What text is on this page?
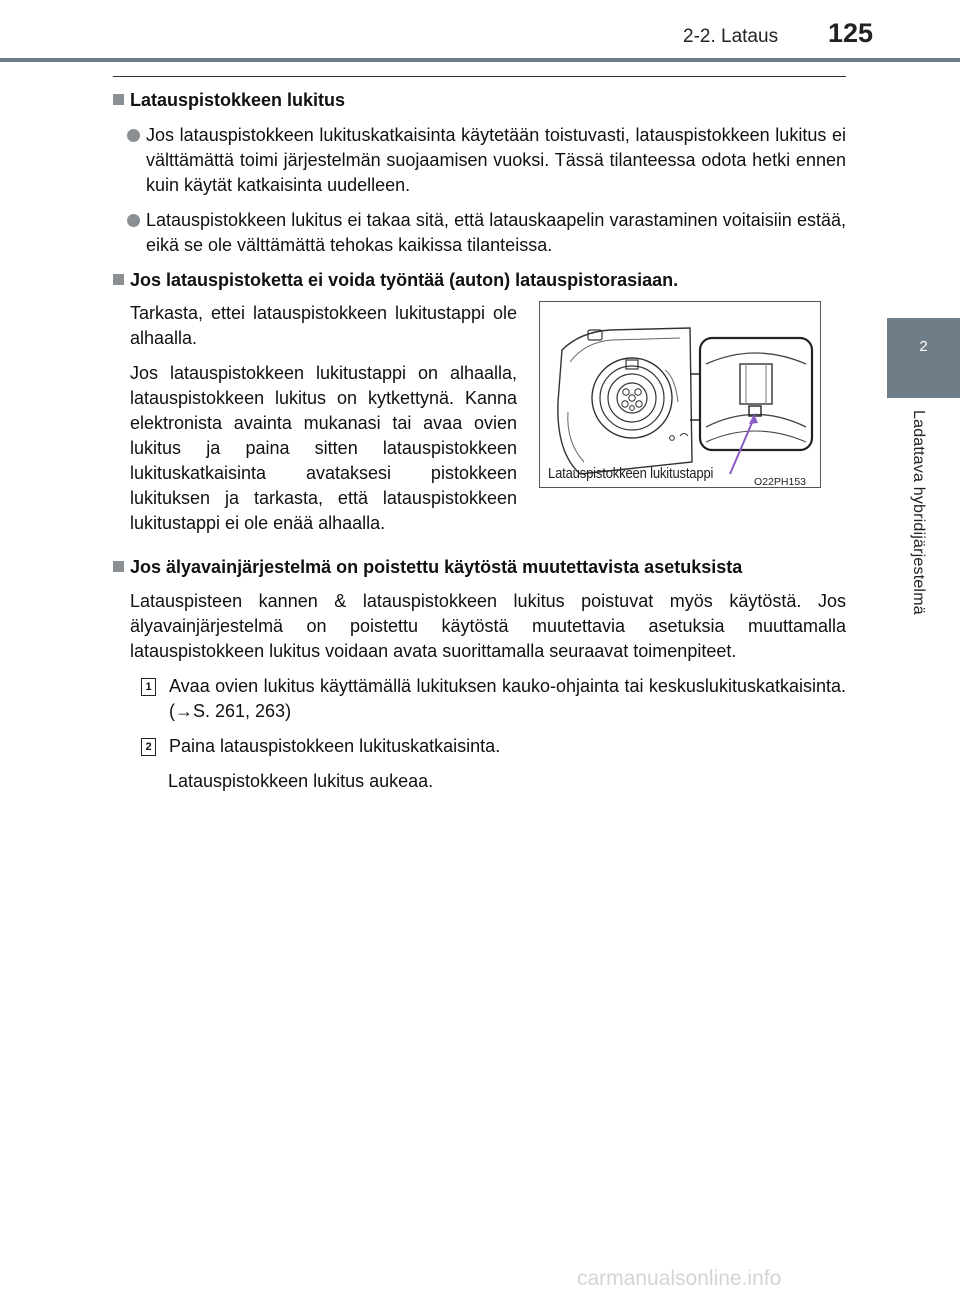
2-2. Lataus 125
2
Ladattava hybridijärjestelmä
Latauspistokkeen lukitus
Jos latauspistokkeen lukituskatkaisinta käytetään toistuvasti, latauspistokkeen lukitus ei välttämättä toimi järjestelmän suojaamisen vuoksi. Tässä tilanteessa odota hetki ennen kuin käytät katkaisinta uudelleen.
Latauspistokkeen lukitus ei takaa sitä, että latauskaapelin varastaminen voitaisiin estää, eikä se ole välttämättä tehokas kaikissa tilanteissa.
Jos latauspistoketta ei voida työntää (auton) latauspistorasiaan.

Tarkasta, ettei latauspistokkeen lukitustappi ole alhaalla.

Jos latauspistokkeen lukitustappi on alhaalla, latauspistokkeen lukitus on kytkettynä. Kanna elektronista avainta mukanasi tai avaa ovien lukitus ja paina sitten latauspistokkeen lukituskatkaisinta avataksesi pistokkeen lukituksen ja tarkasta, että latauspistokkeen lukitustappi ei ole enää alhaalla.

Latauspistokkeen lukitustappi	O22PH153
Jos älyavainjärjestelmä on poistettu käytöstä muutettavista asetuksista
Latauspisteen kannen & latauspistokkeen lukitus poistuvat myös käytöstä. Jos älyavainjärjestelmä on poistettu käytöstä muutettavia asetuksia muuttamalla latauspistokkeen lukitus voidaan avata suorittamalla seuraavat toimenpiteet.
1 Avaa ovien lukitus käyttämällä lukituksen kauko-ohjainta tai keskuslukituskatkaisinta. (→S. 261, 263)
2 Paina latauspistokkeen lukituskatkaisinta.
Latauspistokkeen lukitus aukeaa.
carmanualsonline.info
